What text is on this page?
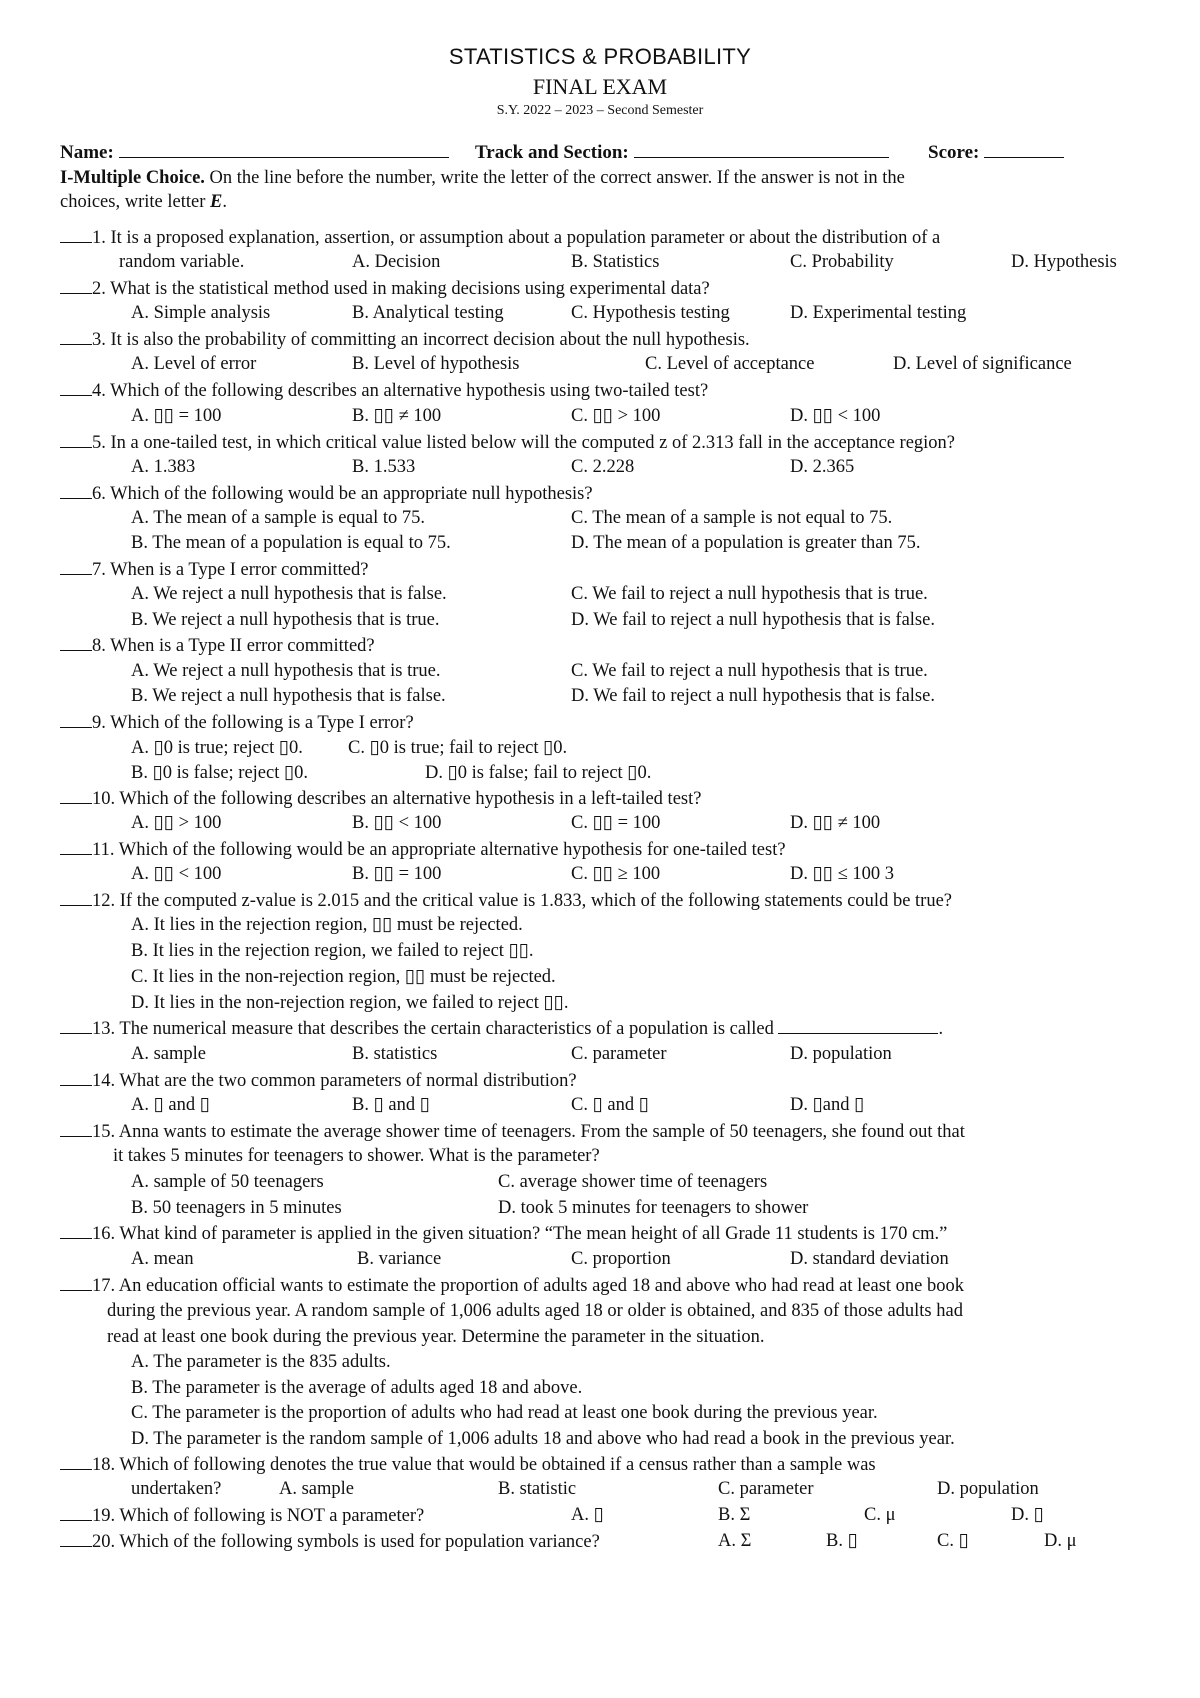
STATISTICS & PROBABILITY
FINAL EXAM
S.Y. 2022 – 2023 – Second Semester
Name:	Track and Section:	Score:
I-Multiple Choice. On the line before the number, write the letter of the correct answer. If the answer is not in the
choices, write letter E.
1. It is a proposed explanation, assertion, or assumption about a population parameter or about the distribution of a
random variable.	A. Decision	B. Statistics	C. Probability	D. Hypothesis
2. What is the statistical method used in making decisions using experimental data?
A. Simple analysis	B. Analytical testing	C. Hypothesis testing	D. Experimental testing
3. It is also the probability of committing an incorrect decision about the null hypothesis.
A. Level of error	B. Level of hypothesis	C. Level of acceptance	D. Level of significance
4. Which of the following describes an alternative hypothesis using two-tailed test?
A. ▯▯ = 100	B. ▯▯ ≠ 100	C. ▯▯ > 100	D. ▯▯ < 100
5. In a one-tailed test, in which critical value listed below will the computed z of 2.313 fall in the acceptance region?
A. 1.383	B. 1.533	C. 2.228	D. 2.365
6. Which of the following would be an appropriate null hypothesis?
A. The mean of a sample is equal to 75.	C. The mean of a sample is not equal to 75.
B. The mean of a population is equal to 75.	D. The mean of a population is greater than 75.
7. When is a Type I error committed?
A. We reject a null hypothesis that is false.	C. We fail to reject a null hypothesis that is true.
B. We reject a null hypothesis that is true.	D. We fail to reject a null hypothesis that is false.
8. When is a Type II error committed?
A. We reject a null hypothesis that is true.	C. We fail to reject a null hypothesis that is true.
B. We reject a null hypothesis that is false.	D. We fail to reject a null hypothesis that is false.
9. Which of the following is a Type I error?
A. ▯0 is true; reject ▯0. C. ▯0 is true; fail to reject ▯0.
B. ▯0 is false; reject ▯0.	D. ▯0 is false; fail to reject ▯0.
10. Which of the following describes an alternative hypothesis in a left-tailed test?
A. ▯▯ > 100	B. ▯▯ < 100	C. ▯▯ = 100	D. ▯▯ ≠ 100
11. Which of the following would be an appropriate alternative hypothesis for one-tailed test?
A. ▯▯ < 100	B. ▯▯ = 100	C. ▯▯ ≥ 100	D. ▯▯ ≤ 100 3
12. If the computed z-value is 2.015 and the critical value is 1.833, which of the following statements could be true?
A. It lies in the rejection region, ▯▯ must be rejected.
B. It lies in the rejection region, we failed to reject ▯▯.
C. It lies in the non-rejection region, ▯▯ must be rejected.
D. It lies in the non-rejection region, we failed to reject ▯▯.
13. The numerical measure that describes the certain characteristics of a population is called	.
A. sample	B. statistics	C. parameter	D. population
14. What are the two common parameters of normal distribution?
A. ▯ and ▯	B. ▯ and ▯	C. ▯ and ▯	D. ▯and ▯
15. Anna wants to estimate the average shower time of teenagers. From the sample of 50 teenagers, she found out that
it takes 5 minutes for teenagers to shower. What is the parameter?
A. sample of 50 teenagers	C. average shower time of teenagers
B. 50 teenagers in 5 minutes	D. took 5 minutes for teenagers to shower
16. What kind of parameter is applied in the given situation? “The mean height of all Grade 11 students is 170 cm.”
A. mean	B. variance	C. proportion	D. standard deviation
17. An education official wants to estimate the proportion of adults aged 18 and above who had read at least one book
during the previous year. A random sample of 1,006 adults aged 18 or older is obtained, and 835 of those adults had
read at least one book during the previous year. Determine the parameter in the situation.
A. The parameter is the 835 adults.
B. The parameter is the average of adults aged 18 and above.
C. The parameter is the proportion of adults who had read at least one book during the previous year.
D. The parameter is the random sample of 1,006 adults 18 and above who had read a book in the previous year.
18. Which of following denotes the true value that would be obtained if a census rather than a sample was
undertaken?	A. sample	B. statistic	C. parameter	D. population
19. Which of following is NOT a parameter?	A. ▯	B. Σ	C. μ	D. ▯
20. Which of the following symbols is used for population variance?	A. Σ	B. ▯	C. ▯	D. μ
